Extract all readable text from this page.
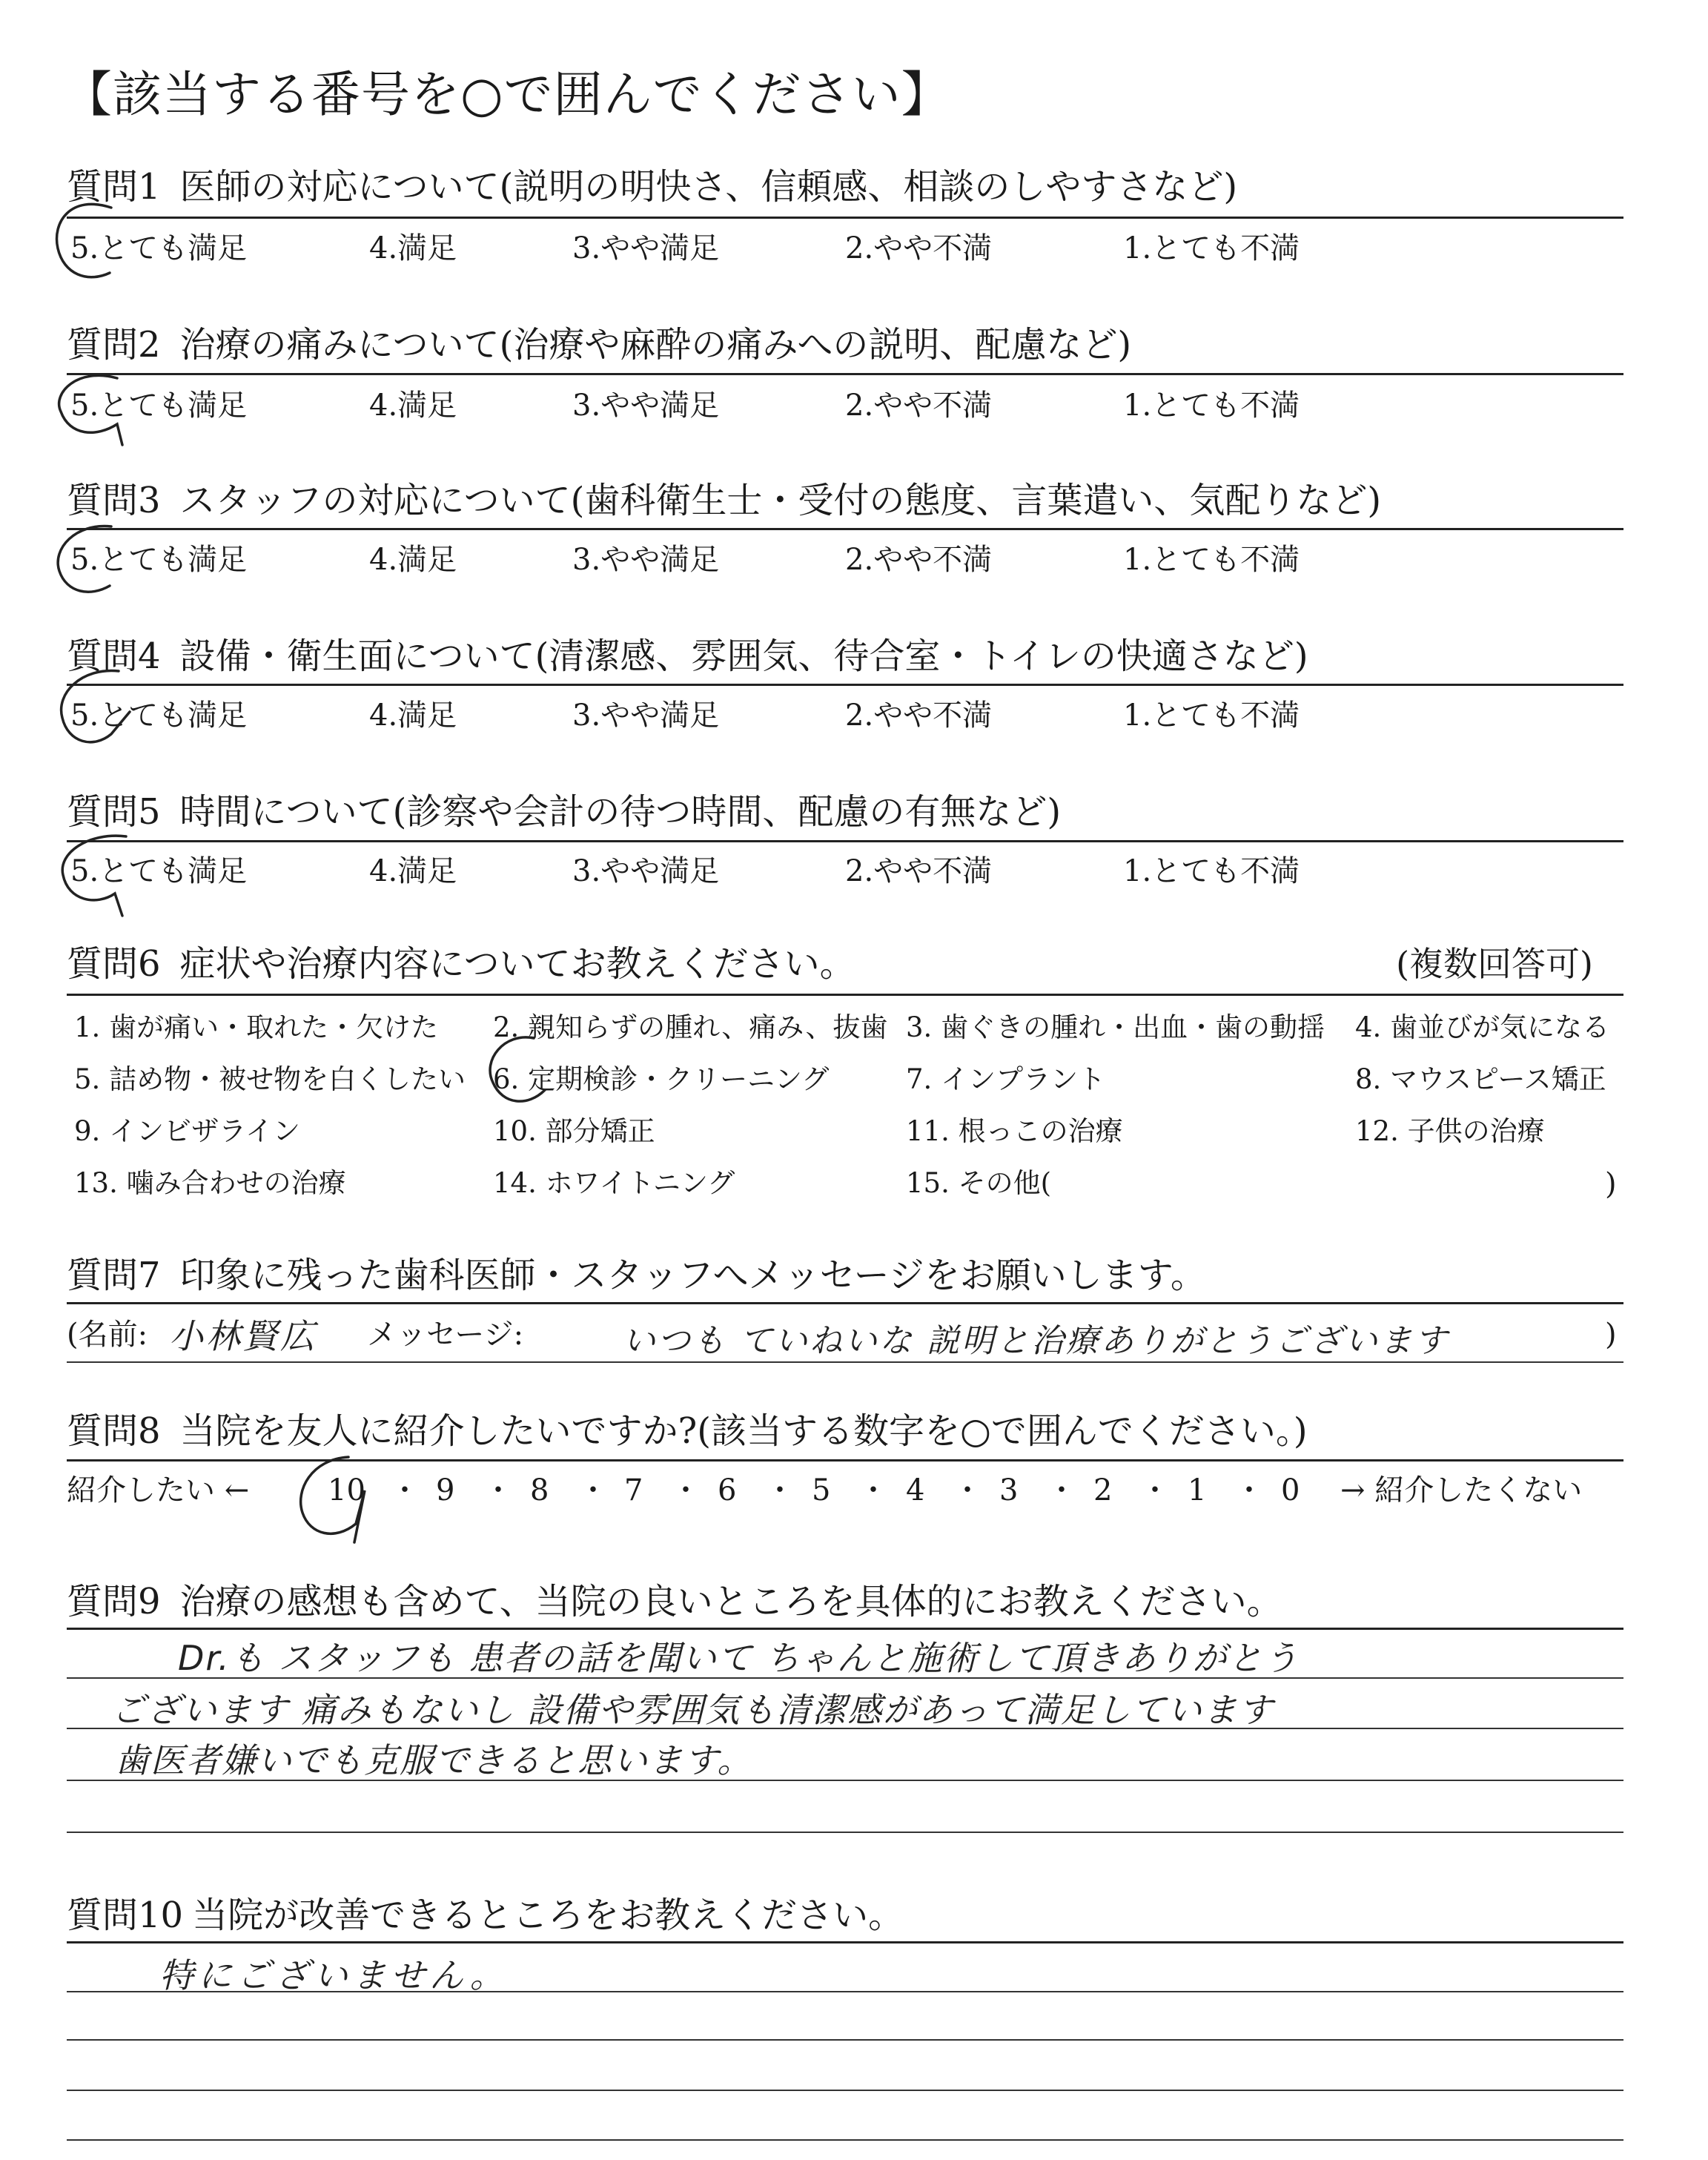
【該当する番号を○で囲んでください】
質問1 医師の対応について(説明の明快さ、信頼感、相談のしやすさなど)
5.とても満足	4.満足	3.やや満足	2.やや不満	1.とても不満
質問2 治療の痛みについて(治療や麻酔の痛みへの説明、配慮など)
5.とても満足	4.満足	3.やや満足	2.やや不満	1.とても不満
質問3 スタッフの対応について(歯科衛生士・受付の態度、言葉遣い、気配りなど)
5.とても満足	4.満足	3.やや満足	2.やや不満	1.とても不満
質問4 設備・衛生面について(清潔感、雰囲気、待合室・トイレの快適さなど)
5.とても満足	4.満足	3.やや満足	2.やや不満	1.とても不満
質問5 時間について(診察や会計の待つ時間、配慮の有無など)
5.とても満足	4.満足	3.やや満足	2.やや不満	1.とても不満
質問6 症状や治療内容についてお教えください。	(複数回答可)
1. 歯が痛い・取れた・欠けた 2. 親知らずの腫れ、痛み、抜歯 3. 歯ぐきの腫れ・出血・歯の動揺 4. 歯並びが気になる
5. 詰め物・被せ物を白くしたい 6. 定期検診・クリーニング	7. インプラント	8. マウスピース矯正
9. インビザライン	10. 部分矯正	11. 根っこの治療	12. 子供の治療
13. 噛み合わせの治療	14. ホワイトニング	15. その他(	)
質問7 印象に残った歯科医師・スタッフへメッセージをお願いします。
(名前: 小林賢広 メッセージ:	いつも ていねいな 説明と治療ありがとうございます	)
質問8 当院を友人に紹介したいですか?(該当する数字を○で囲んでください。)
紹介したい ←	→ 紹介したくない
10 ・ 9 ・ 8 ・ 7 ・ 6 ・ 5 ・ 4 ・ 3 ・ 2 ・ 1 ・ 0
質問9 治療の感想も含めて、当院の良いところを具体的にお教えください。
Dr.も スタッフも 患者の話を聞いて ちゃんと施術して頂きありがとう
ございます 痛みもないし 設備や雰囲気も清潔感があって満足しています
歯医者嫌いでも克服できると思います。
質問10 当院が改善できるところをお教えください。
特にございません。
